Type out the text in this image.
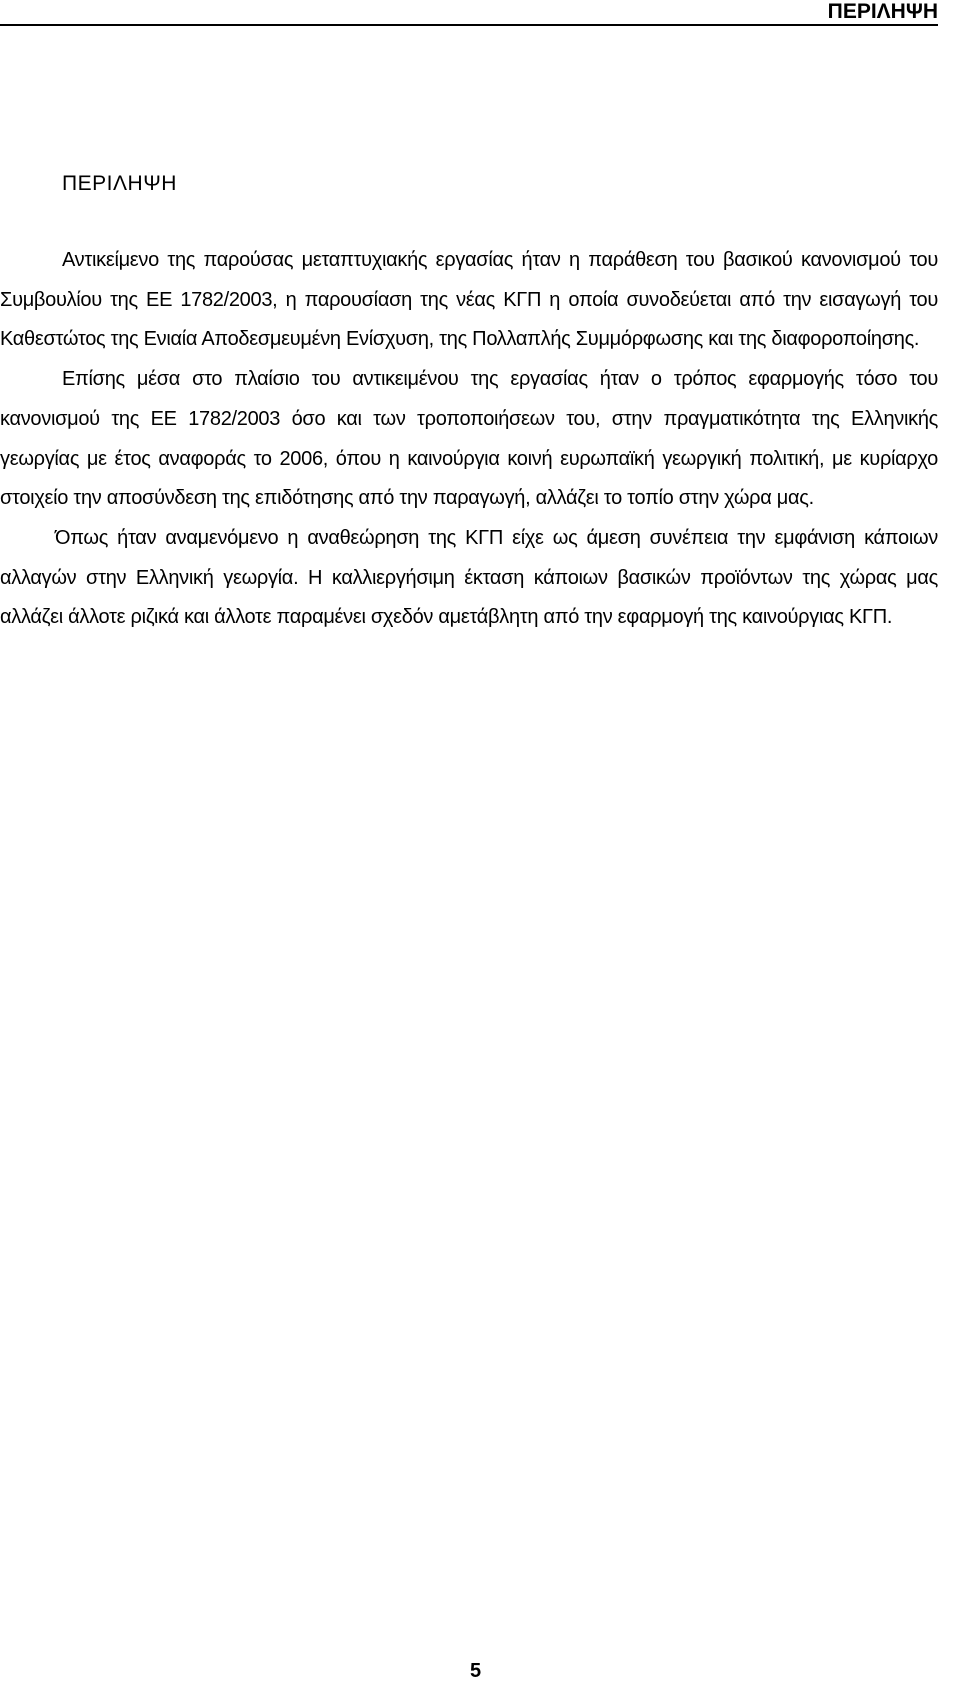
ΠΕΡΙΛΗΨΗ
ΠΕΡΙΛΗΨΗ

Αντικείμενο της παρούσας μεταπτυχιακής εργασίας ήταν η παράθεση του βασικού κανονισμού του Συμβουλίου της ΕΕ 1782/2003, η παρουσίαση της νέας ΚΓΠ η οποία συνοδεύεται από την εισαγωγή του Καθεστώτος της Ενιαία Αποδεσμευμένη Ενίσχυση, της Πολλαπλής Συμμόρφωσης και της διαφοροποίησης.

Επίσης μέσα στο πλαίσιο του αντικειμένου της εργασίας ήταν ο τρόπος εφαρμογής τόσο του κανονισμού της ΕΕ 1782/2003 όσο και των τροποποιήσεων του, στην πραγματικότητα της Ελληνικής γεωργίας με έτος αναφοράς το 2006, όπου η καινούργια κοινή ευρωπαϊκή γεωργική πολιτική, με κυρίαρχο στοιχείο την αποσύνδεση της επιδότησης από την παραγωγή, αλλάζει το τοπίο στην χώρα μας.

Όπως ήταν αναμενόμενο η αναθεώρηση της ΚΓΠ είχε ως άμεση συνέπεια την εμφάνιση κάποιων αλλαγών στην Ελληνική γεωργία. Η καλλιεργήσιμη έκταση κάποιων βασικών προϊόντων της χώρας μας αλλάζει άλλοτε ριζικά και άλλοτε παραμένει σχεδόν αμετάβλητη από την εφαρμογή της καινούργιας ΚΓΠ.

5
